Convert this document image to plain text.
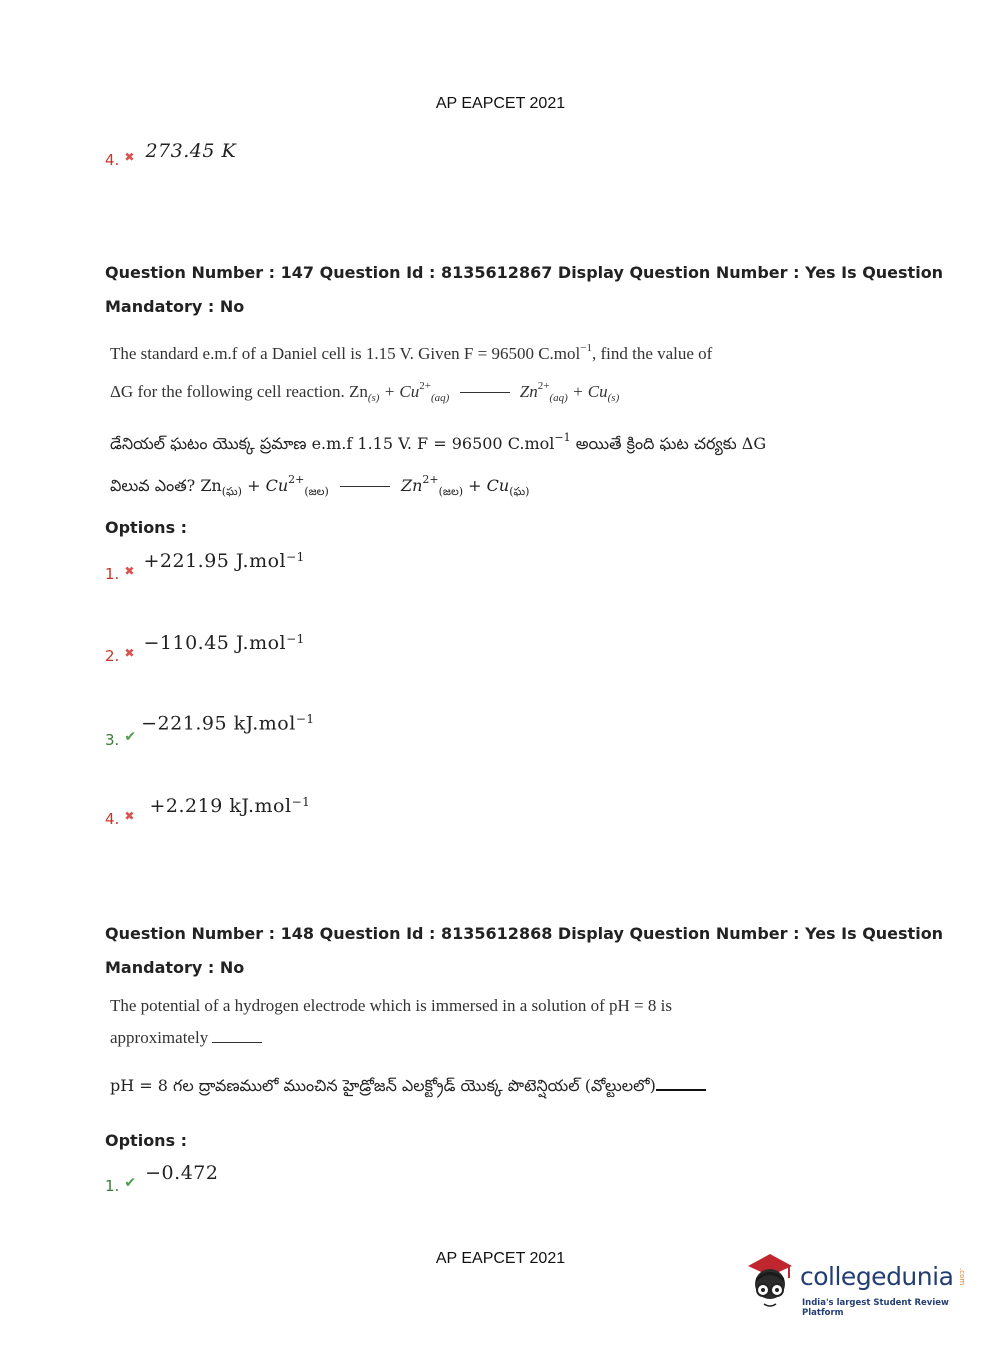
AP EAPCET 2021
4. $_✖$ 273.45 K
Question Number : 147 Question Id : 8135612867 Display Question Number : Yes Is Question
Mandatory : No
The standard e.m.f of a Daniel cell is 1.15 V. Given F = 96500 C.mol$^{-1}$, find the value of
ΔG for the following cell reaction. $Zn_{(s)} + Cu^{2+}_{(aq)}$	$Zn^{2+}_{(aq)} + Cu_{(s)}$
డేనియల్ ఘటం యొక్క ప్రమాణ e.m.f 1.15 V. F = 96500 C.mol$^{-1}$ అయితే క్రింది ఘట చర్యకు ΔG
విలువ ఎంత? $Zn_{(ఘ)} + Cu^{2+}_{(జల)}$	$Zn^{2+}_{(జల)} + Cu_{(ఘ)}$
Options :
1. $_✖$ +221.95 J.mol$^{-1}$
2. $_✖$ −110.45 J.mol$^{-1}$
3. ✔ −221.95 kJ.mol$^{-1}$
4. $_✖$ +2.219 kJ.mol$^{-1}$
Question Number : 148 Question Id : 8135612868 Display Question Number : Yes Is Question
Mandatory : No
The potential of a hydrogen electrode which is immersed in a solution of pH = 8 is
approximately
pH = 8 గల ద్రావణములో ముంచిన హైడ్రోజన్ ఎలక్ట్రోడ్ యొక్క పొటెన్షియల్ (వోల్టులలో)
Options :
1. ✔ −0.472
AP EAPCET 2021
collegedunia .com
India's largest Student Review Platform
